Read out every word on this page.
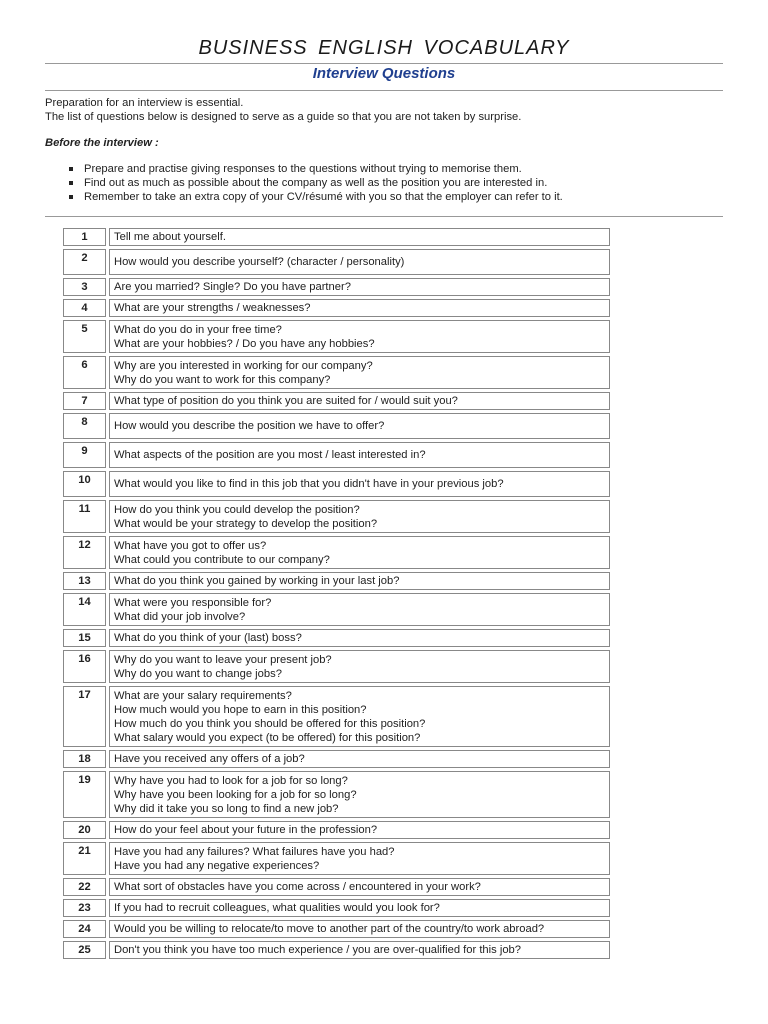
BUSINESS ENGLISH VOCABULARY
Interview Questions

Preparation for an interview is essential.

The list of questions below is designed to serve as a guide so that you are not taken by surprise.

Before the interview :
Prepare and practise giving responses to the questions without trying to memorise them.
Find out as much as possible about the company as well as the position you are interested in.
Remember to take an extra copy of your CV/résumé with you so that the employer can refer to it.
1	Tell me about yourself.
2	How would you describe yourself? (character / personality)
3	Are you married? Single? Do you have partner?
4	What are your strengths / weaknesses?
5	What do you do in your free time?
What are your hobbies? / Do you have any hobbies?
6	Why are you interested in working for our company?
Why do you want to work for this company?
7	What type of position do you think you are suited for / would suit you?
8	How would you describe the position we have to offer?
9	What aspects of the position are you most / least interested in?
10	What would you like to find in this job that you didn't have in your previous job?
11	How do you think you could develop the position?
What would be your strategy to develop the position?
12	What have you got to offer us?
What could you contribute to our company?
13	What do you think you gained by working in your last job?
14	What were you responsible for?
What did your job involve?
15	What do you think of your (last) boss?
16	Why do you want to leave your present job?
Why do you want to change jobs?
17	What are your salary requirements?
How much would you hope to earn in this position?
How much do you think you should be offered for this position?
What salary would you expect (to be offered) for this position?
18	Have you received any offers of a job?
19	Why have you had to look for a job for so long?
Why have you been looking for a job for so long?
Why did it take you so long to find a new job?
20	How do your feel about your future in the profession?
21	Have you had any failures? What failures have you had?
Have you had any negative experiences?
22	What sort of obstacles have you come across / encountered in your work?
23	If you had to recruit colleagues, what qualities would you look for?
24	Would you be willing to relocate/to move to another part of the country/to work abroad?
25	Don't you think you have too much experience / you are over-qualified for this job?
